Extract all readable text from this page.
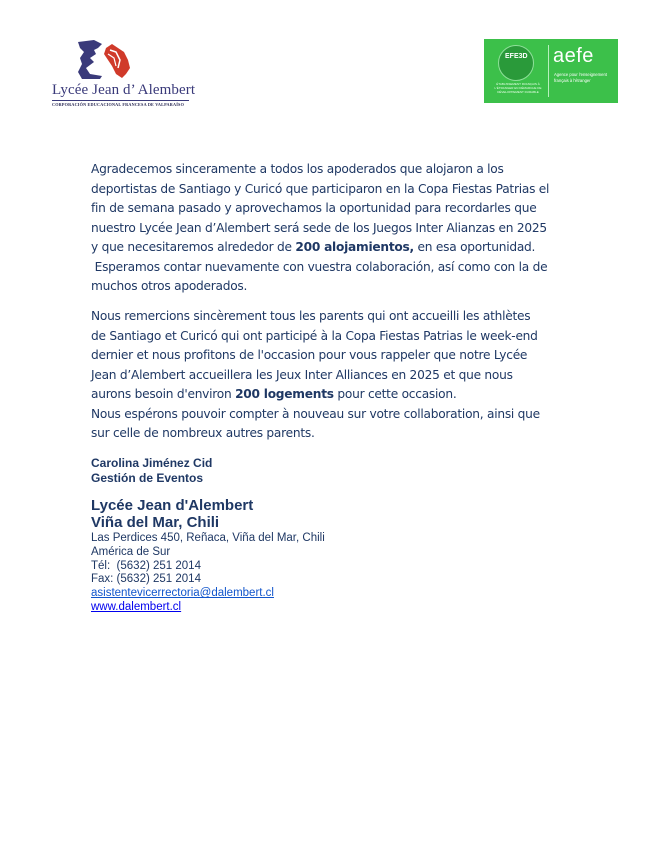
Lycée Jean d’ Alembert
CORPORACIÓN EDUCACIONAL FRANCESA DE VALPARAÍSO
EFE3D
ÉTABLISSEMENT FRANÇAIS À L'ÉTRANGER EN DÉMARCHE DE DÉVELOPPEMENT DURABLE
aefe
Agence pour l'enseignement français à l'étranger

Agradecemos sinceramente a todos los apoderados que alojaron a los

deportistas de Santiago y Curicó que participaron en la Copa Fiestas Patrias el

fin de semana pasado y aprovechamos la oportunidad para recordarles que

nuestro Lycée Jean d’Alembert será sede de los Juegos Inter Alianzas en 2025

y que necesitaremos alrededor de 200 alojamientos, en esa oportunidad.

Esperamos contar nuevamente con vuestra colaboración, así como con la de

muchos otros apoderados.

Nous remercions sincèrement tous les parents qui ont accueilli les athlètes

de Santiago et Curicó qui ont participé à la Copa Fiestas Patrias le week-end

dernier et nous profitons de l'occasion pour vous rappeler que notre Lycée

Jean d’Alembert accueillera les Jeux Inter Alliances en 2025 et que nous

aurons besoin d'environ 200 logements pour cette occasion.

Nous espérons pouvoir compter à nouveau sur votre collaboration, ainsi que

sur celle de nombreux autres parents.

Carolina Jiménez Cid
Gestión de Eventos
Lycée Jean d'Alembert
Viña del Mar, Chili
Las Perdices 450, Reñaca, Viña del Mar, Chili
América de Sur
Tél:  (5632) 251 2014
Fax: (5632) 251 2014
asistentevicerrectoria@dalembert.cl
www.dalembert.cl
